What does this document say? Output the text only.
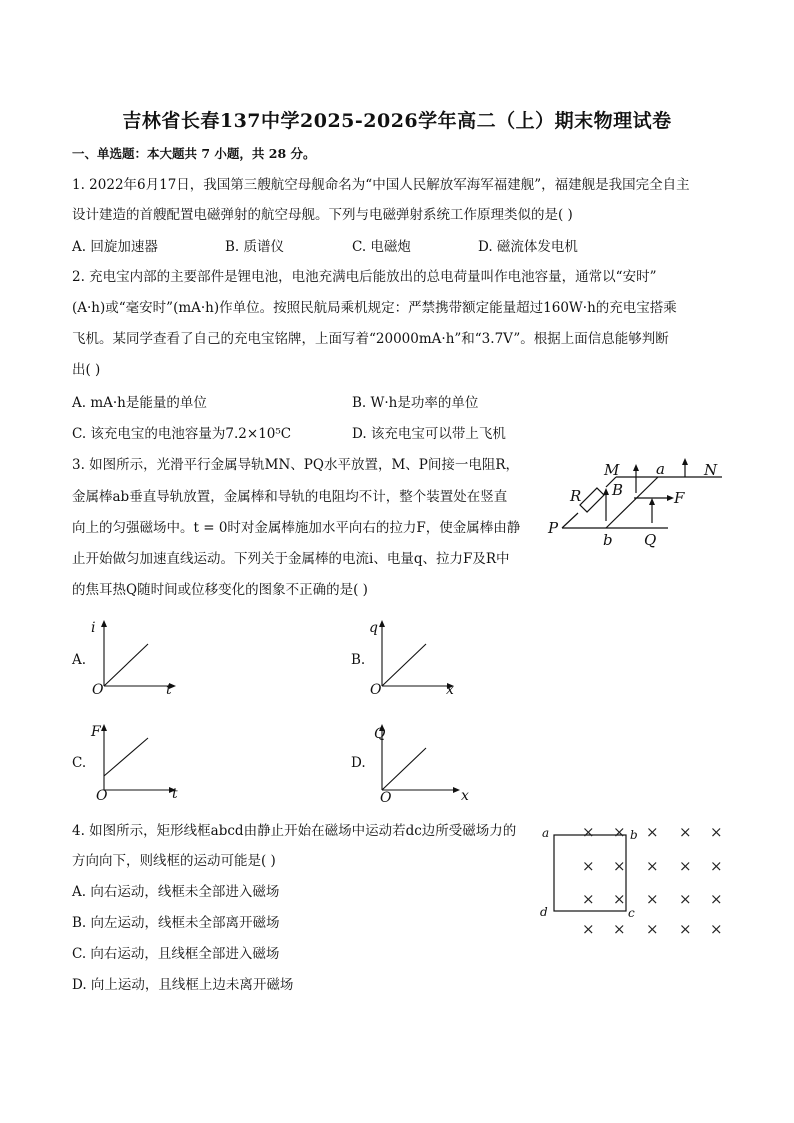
吉林省长春137中学2025-2026学年高二（上）期末物理试卷
一、单选题：本大题共 7 小题，共 28 分。
1. 2022年6月17日，我国第三艘航空母舰命名为“中国人民解放军海军福建舰”，福建舰是我国完全自主
设计建造的首艘配置电磁弹射的航空母舰。下列与电磁弹射系统工作原理类似的是( )
A. 回旋加速器	B. 质谱仪	C. 电磁炮	D. 磁流体发电机
2. 充电宝内部的主要部件是锂电池，电池充满电后能放出的总电荷量叫作电池容量，通常以“安时”
(A·h)或“毫安时”(mA·h)作单位。按照民航局乘机规定：严禁携带额定能量超过160W·h的充电宝搭乘
飞机。某同学查看了自己的充电宝铭牌，上面写着“20000mA·h”和“3.7V”。根据上面信息能够判断
出( )
A. mA·h是能量的单位	B. W·h是功率的单位
C. 该充电宝的电池容量为7.2×10⁵C	D. 该充电宝可以带上飞机
3. 如图所示，光滑平行金属导轨MN、PQ水平放置，M、P间接一电阻R，
金属棒ab垂直导轨放置，金属棒和导轨的电阻均不计，整个装置处在竖直
向上的匀强磁场中。t = 0时对金属棒施加水平向右的拉力F，使金属棒由静
止开始做匀加速直线运动。下列关于金属棒的电流i、电量q、拉力F及R中
的焦耳热Q随时间或位移变化的图象不正确的是( )
M a	N
R B	F
P
b Q
A.
i
t
O
B.
q
x
O
C.
F
t
O
D.
Q
x
O
4. 如图所示，矩形线框abcd由静止开始在磁场中运动若dc边所受磁场力的
方向向下，则线框的运动可能是( )
A. 向右运动，线框未全部进入磁场
B. 向左运动，线框未全部离开磁场
C. 向右运动，且线框全部进入磁场
D. 向上运动，且线框上边未离开磁场
a	b
c
d
× × × × ×
× × × × ×
× × × × ×
× × × × ×
